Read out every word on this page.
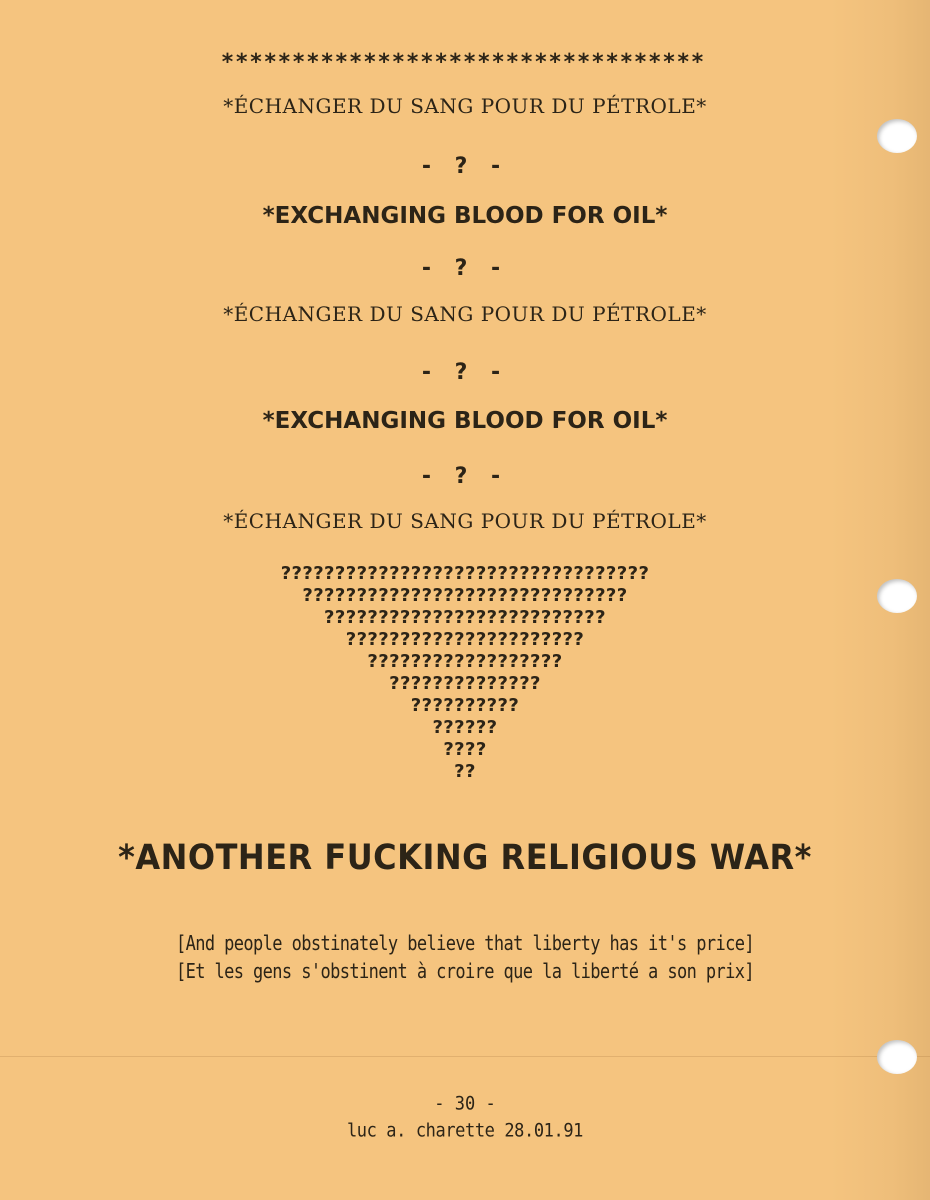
**********************************
*ÉCHANGER DU SANG POUR DU PÉTROLE*
- ? -
*EXCHANGING BLOOD FOR OIL*
- ? -
*ÉCHANGER DU SANG POUR DU PÉTROLE*
- ? -
*EXCHANGING BLOOD FOR OIL*
- ? -
*ÉCHANGER DU SANG POUR DU PÉTROLE*
??????????????????????????????????
??????????????????????????????
??????????????????????????
??????????????????????
??????????????????
??????????????
??????????
??????
????
??
*ANOTHER FUCKING RELIGIOUS WAR*
[And people obstinately believe that liberty has it's price]
[Et les gens s'obstinent à croire que la liberté a son prix]
- 30 -
luc a. charette 28.01.91
